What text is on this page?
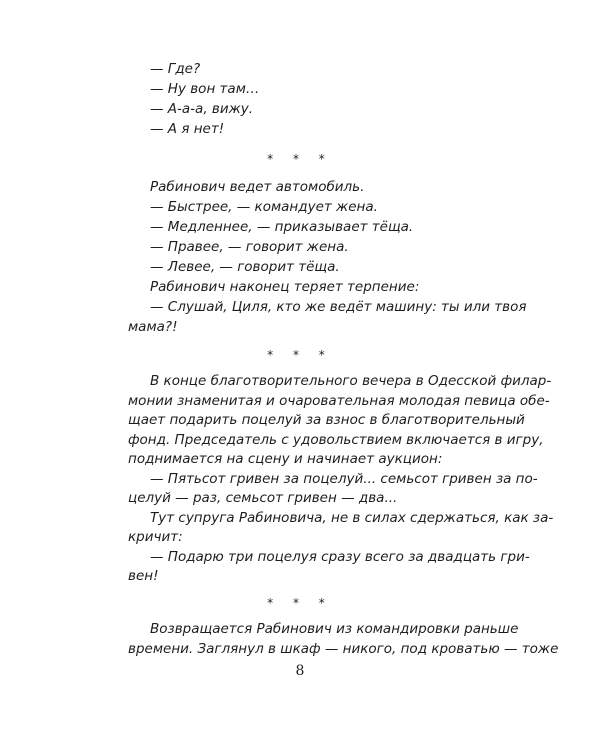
— Где?
— Ну вон там…
— А-а-а, вижу.
— А я нет!
* * *
Рабинович ведет автомобиль.
— Быстрее, — командует жена.
— Медленнее, — приказывает тёща.
— Правее, — говорит жена.
— Левее, — говорит тёща.
Рабинович наконец теряет терпение:
— Слушай, Циля, кто же ведёт машину: ты или твоя
мама?!
* * *
В конце благотворительного вечера в Одесской филар-
монии знаменитая и очаровательная молодая певица обе-
щает подарить поцелуй за взнос в благотворительный
фонд. Председатель с удовольствием включается в игру,
поднимается на сцену и начинает аукцион:
— Пятьсот гривен за поцелуй... семьсот гривен за по-
целуй — раз, семьсот гривен — два...
Тут супруга Рабиновича, не в силах сдержаться, как за-
кричит:
— Подарю три поцелуя сразу всего за двадцать гри-
вен!
* * *
Возвращается Рабинович из командировки раньше
времени. Заглянул в шкаф — никого, под кроватью — тоже
8
